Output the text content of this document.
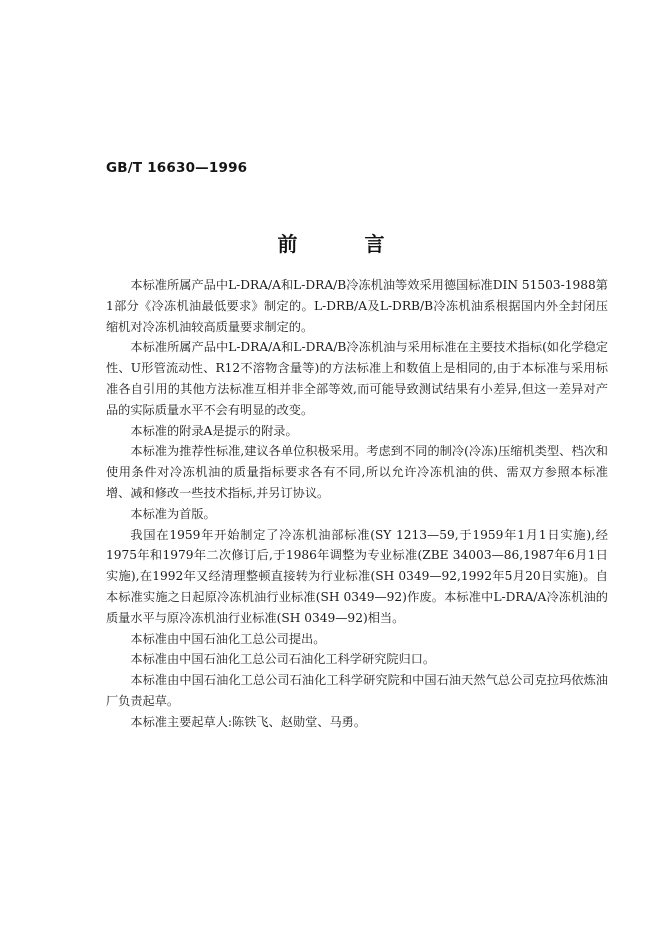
GB/T 16630—1996
前 言

本标准所属产品中L-DRA/A和L-DRA/B冷冻机油等效采用德国标准DIN 51503-1988第1部分《冷冻机油最低要求》制定的。L-DRB/A及L-DRB/B冷冻机油系根据国内外全封闭压缩机对冷冻机油较高质量要求制定的。

本标准所属产品中L-DRA/A和L-DRA/B冷冻机油与采用标准在主要技术指标(如化学稳定性、U形管流动性、R12不溶物含量等)的方法标准上和数值上是相同的,由于本标准与采用标准各自引用的其他方法标准互相并非全部等效,而可能导致测试结果有小差异,但这一差异对产品的实际质量水平不会有明显的改变。

本标准的附录A是提示的附录。

本标准为推荐性标准,建议各单位积极采用。考虑到不同的制冷(冷冻)压缩机类型、档次和使用条件对冷冻机油的质量指标要求各有不同,所以允许冷冻机油的供、需双方参照本标准增、减和修改一些技术指标,并另订协议。

本标准为首版。

我国在1959年开始制定了冷冻机油部标准(SY 1213—59,于1959年1月1日实施),经1975年和1979年二次修订后,于1986年调整为专业标准(ZBE 34003—86,1987年6月1日实施),在1992年又经清理整顿直接转为行业标准(SH 0349—92,1992年5月20日实施)。自本标准实施之日起原冷冻机油行业标准(SH 0349—92)作废。本标准中L-DRA/A冷冻机油的质量水平与原冷冻机油行业标准(SH 0349—92)相当。

本标准由中国石油化工总公司提出。

本标准由中国石油化工总公司石油化工科学研究院归口。

本标准由中国石油化工总公司石油化工科学研究院和中国石油天然气总公司克拉玛依炼油厂负责起草。

本标准主要起草人:陈铁飞、赵勋堂、马勇。
